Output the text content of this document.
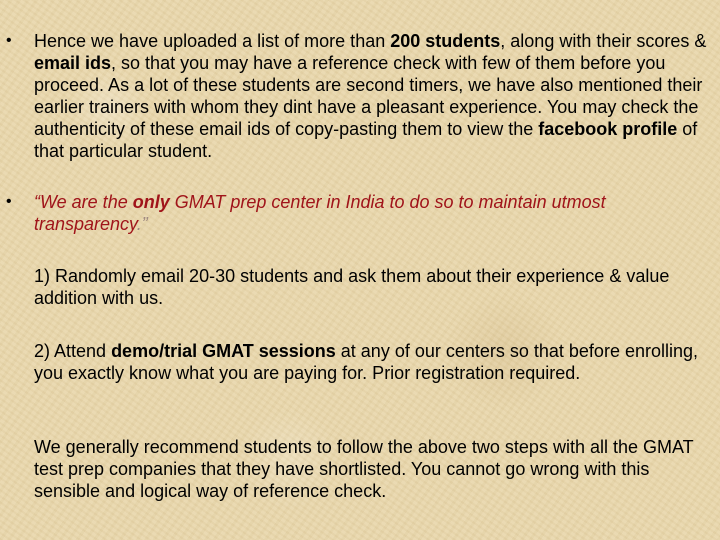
• Hence we have uploaded a list of more than 200 students, along with their scores & email ids, so that you may have a reference check with few of them before you proceed. As a lot of these students are second timers, we have also mentioned their earlier trainers with whom they dint have a pleasant experience. You may check the authenticity of these email ids of copy-pasting them to view the facebook profile of that particular student.
• “We are the only GMAT prep center in India to do so to maintain utmost transparency.”
1) Randomly email 20-30 students and ask them about their experience & value addition with us.
2) Attend demo/trial GMAT sessions at any of our centers so that before enrolling, you exactly know what you are paying for. Prior registration required.
We generally recommend students to follow the above two steps with all the GMAT test prep companies that they have shortlisted. You cannot go wrong with this sensible and logical way of reference check.
